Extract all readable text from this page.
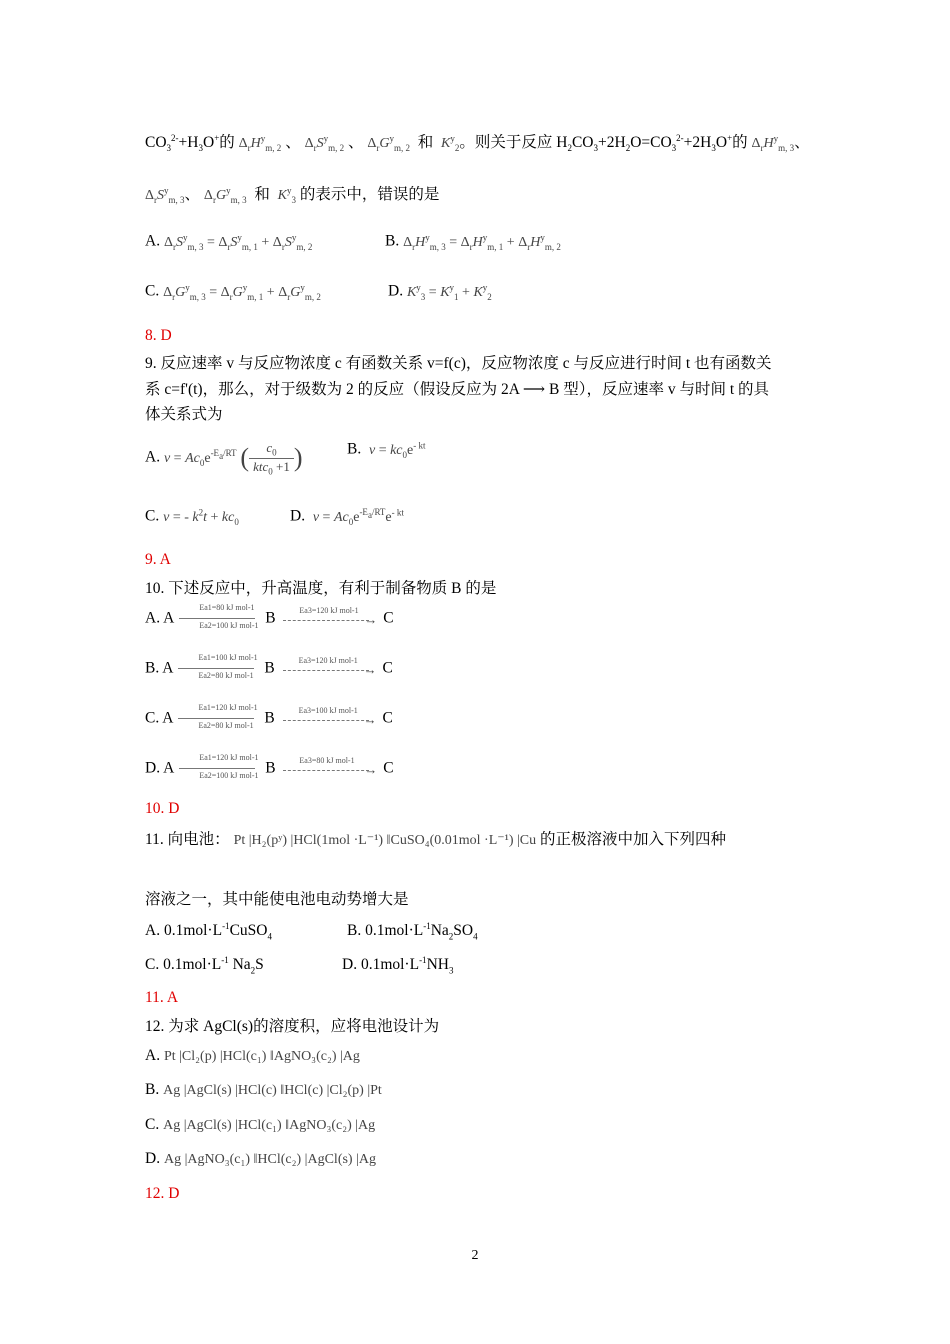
$CO_3^{2-}+H_3O^+$的 $\Delta_rH^y_{m, 2}$ 、 $\Delta_rS^y_{m, 2}$ 、 $\Delta_rG^y_{m, 2}$ 和 $K^y_2$。则关于反应 $H_2CO_3+2H_2O=CO_3^{2-}+2H_3O^+$的 $\Delta_rH^y_{m, 3}$、
$\Delta_rS^y_{m, 3}$、 $\Delta_rG^y_{m, 3}$ 和 $K^y_3$ 的表示中，错误的是
A. $\Delta_rS^y_{m, 3} = \Delta_rS^y_{m, 1} + \Delta_rS^y_{m, 2}$	B. $\Delta_rH^y_{m, 3} = \Delta_rH^y_{m, 1} + \Delta_rH^y_{m, 2}$
C. $\Delta_rG^y_{m, 3} = \Delta_rG^y_{m, 1} + \Delta_rG^y_{m, 2}$	D. $K^y_3 = K^y_1 + K^y_2$
8. D
9. 反应速率 v 与反应物浓度 c 有函数关系 v=f(c)，反应物浓度 c 与反应进行时间 t 也有函数关
系 c=f'(t)，那么，对于级数为 2 的反应（假设反应为 2A ⟶ B 型），反应速率 v 与时间 t 的具
体关系式为
A. $v = Ac_0e^{-E_a/RT}$ ( $\frac{c_0}{ktc_0 +1}$ )	B. $v = kc_0e^{- kt}$
C. v = - $k^2t + kc_0$	D. $v = Ac_0e^{-E_a/RT}e^{- kt}$
9. A
10. 下述反应中，升高温度，有利于制备物质 B 的是
A. A
Ea1=80 kJ mol-1
Ea2=100 kJ mol-1 B	Ea3=120 kJ mol-1
→ C
B. A
Ea1=100 kJ mol-1
Ea2=80 kJ mol-1 B	Ea3=120 kJ mol-1
→ C
C. A
Ea1=120 kJ mol-1
Ea2=80 kJ mol-1 B	Ea3=100 kJ mol-1
→ C
D. A
Ea1=120 kJ mol-1
Ea2=100 kJ mol-1 B	Ea3=80 kJ mol-1
→ C
10. D
11. 向电池： Pt |H₂(pʸ) |HCl(1mol ·L⁻¹) ‖CuSO₄(0.01mol ·L⁻¹) |Cu 的正极溶液中加入下列四种
溶液之一，其中能使电池电动势增大是
A. $0.1mol\cdot L^{-1}CuSO_4$	B. $0.1mol\cdot L^{-1}Na_2SO_4$
C. $0.1mol\cdot L^{-1}$ $Na_2S$	D. $0.1mol\cdot L^{-1}NH_3$
11. A
12. 为求 AgCl(s)的溶度积，应将电池设计为
A. Pt |Cl₂(p) |HCl(c₁) ‖AgNO₃(c₂) |Ag
B. Ag |AgCl(s) |HCl(c) ‖HCl(c) |Cl₂(p) |Pt
C. Ag |AgCl(s) |HCl(c₁) ‖AgNO₃(c₂) |Ag
D. Ag |AgNO₃(c₁) ‖HCl(c₂) |AgCl(s) |Ag
12. D
2
